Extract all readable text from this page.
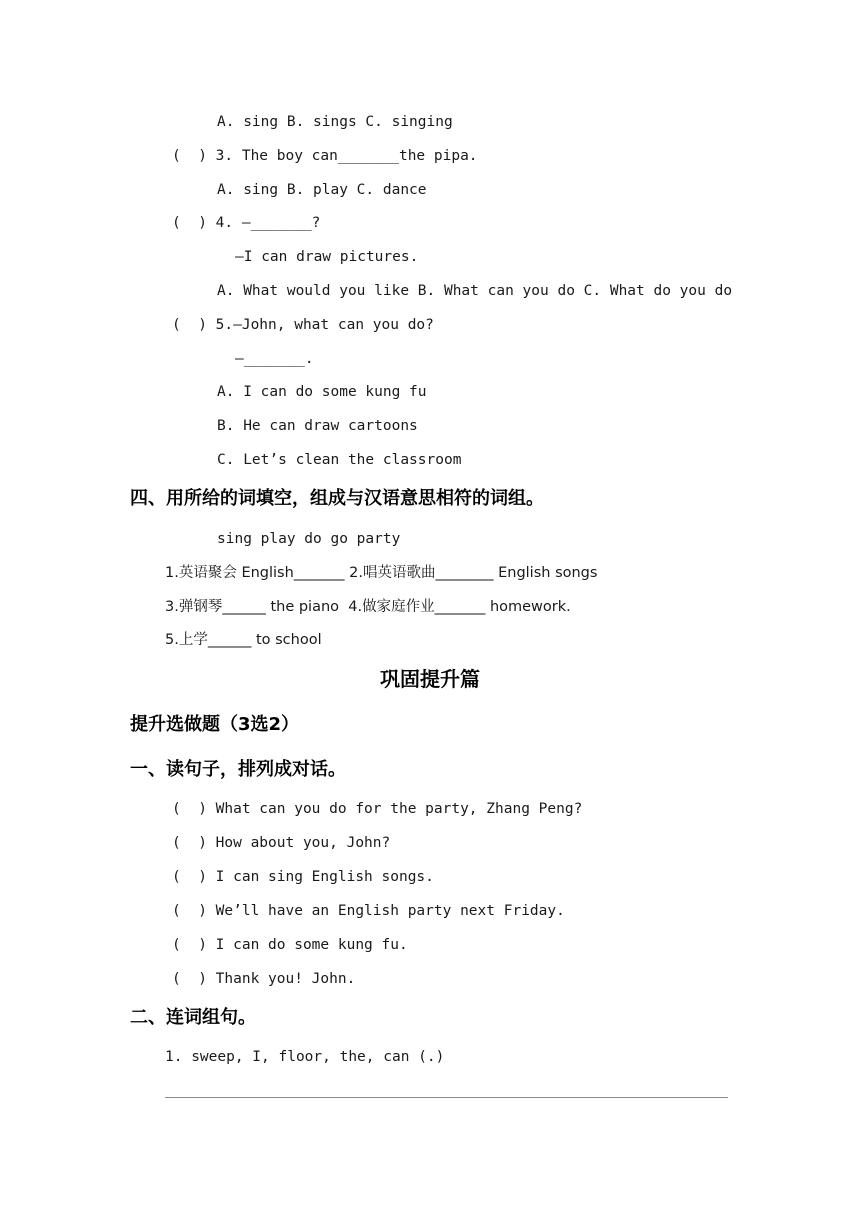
A. sing B. sings C. singing
(  ) 3. The boy can_______the pipa.
A. sing B. play C. dance
(  ) 4. —_______?
—I can draw pictures.
A. What would you like B. What can you do C. What do you do
(  ) 5.—John, what can you do?
—_______.
A. I can do some kung fu
B. He can draw cartoons
C. Let’s clean the classroom
四、用所给的词填空，组成与汉语意思相符的词组。
sing play do go party
1.英语聚会 English_______ 2.唱英语歌曲________ English songs
3.弹钢琴______ the piano  4.做家庭作业_______ homework.
5.上学______ to school
巩固提升篇
提升选做题（3选2）
一、读句子，排列成对话。
(  ) What can you do for the party, Zhang Peng?
(  ) How about you, John?
(  ) I can sing English songs.
(  ) We’ll have an English party next Friday.
(  ) I can do some kung fu.
(  ) Thank you! John.
二、连词组句。
1. sweep, I, floor, the, can (.)
